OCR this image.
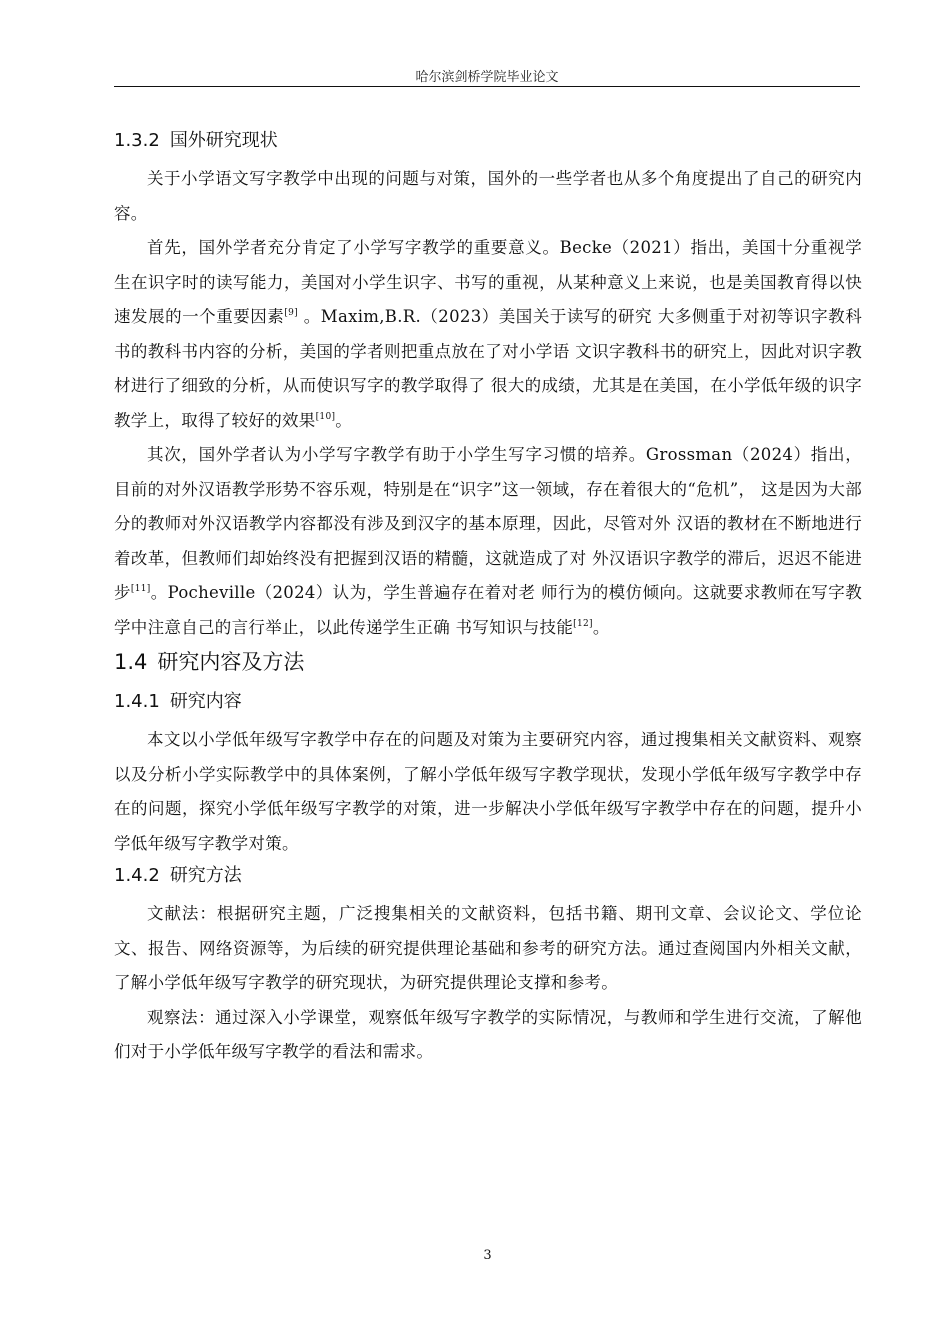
哈尔滨剑桥学院毕业论文
1.3.2 国外研究现状

关于小学语文写字教学中出现的问题与对策，国外的一些学者也从多个角度提出了自己的研究内容。

首先，国外学者充分肯定了小学写字教学的重要意义。Becke（2021）指出，美国十分重视学生在识字时的读写能力，美国对小学生识字、书写的重视，从某种意义上来说，也是美国教育得以快速发展的一个重要因素[9] 。Maxim,B.R.（2023）美国关于读写的研究 大多侧重于对初等识字教科书的教科书内容的分析，美国的学者则把重点放在了对小学语 文识字教科书的研究上，因此对识字教材进行了细致的分析，从而使识写字的教学取得了 很大的成绩，尤其是在美国，在小学低年级的识字教学上，取得了较好的效果[10]。

其次，国外学者认为小学写字教学有助于小学生写字习惯的培养。Grossman（2024）指出，目前的对外汉语教学形势不容乐观，特别是在“识字”这一领域，存在着很大的“危机”， 这是因为大部分的教师对外汉语教学内容都没有涉及到汉字的基本原理，因此，尽管对外 汉语的教材在不断地进行着改革，但教师们却始终没有把握到汉语的精髓，这就造成了对 外汉语识字教学的滞后，迟迟不能进步[11]。Pocheville（2024）认为，学生普遍存在着对老 师行为的模仿倾向。这就要求教师在写字教学中注意自己的言行举止，以此传递学生正确 书写知识与技能[12]。

1.4 研究内容及方法
1.4.1 研究内容

本文以小学低年级写字教学中存在的问题及对策为主要研究内容，通过搜集相关文献资料、观察以及分析小学实际教学中的具体案例，了解小学低年级写字教学现状，发现小学低年级写字教学中存在的问题，探究小学低年级写字教学的对策，进一步解决小学低年级写字教学中存在的问题，提升小学低年级写字教学对策。

1.4.2 研究方法

文献法：根据研究主题，广泛搜集相关的文献资料，包括书籍、期刊文章、会议论文、学位论文、报告、网络资源等，为后续的研究提供理论基础和参考的研究方法。通过查阅国内外相关文献，了解小学低年级写字教学的研究现状，为研究提供理论支撑和参考。

观察法：通过深入小学课堂，观察低年级写字教学的实际情况，与教师和学生进行交流，了解他们对于小学低年级写字教学的看法和需求。

3
